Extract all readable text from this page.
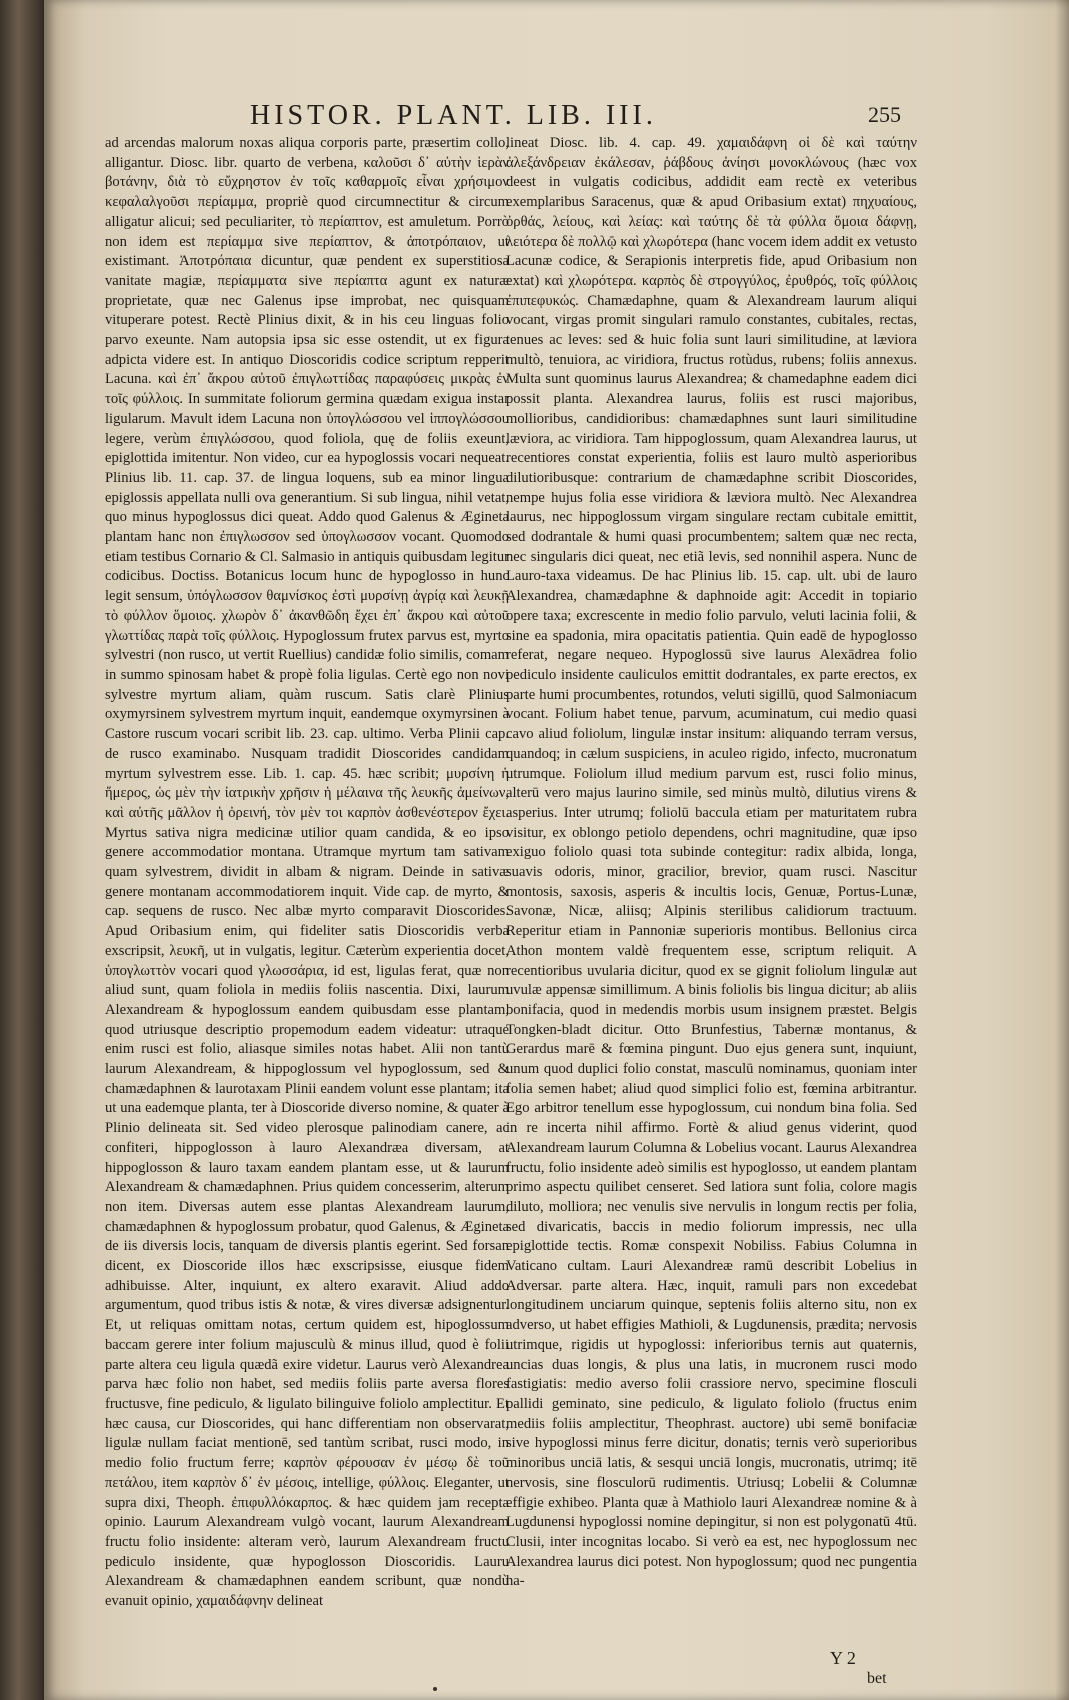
HISTOR. PLANT. LIB. III.	255

ad arcendas malorum noxas aliqua corporis parte, præsertim collo, alligantur. Diosc. libr. quarto de verbena, καλοῦσι δ᾽ αὐτὴν ἱερὰν βοτάνην, διὰ τὸ εὔχρηστον ἐν τοῖς καθαρμοῖς εἶναι χρήσιμον κεφαλαλγοῦσι περίαμμα, propriè quod circumnectitur & circum alligatur alicui; sed peculiariter, τὸ περίαπτον, est amuletum. Porrò non idem est περίαμμα sive περίαπτον, & ἀποτρόπαιον, ut existimant. Ἀποτρόπαια dicuntur, quæ pendent ex superstitiosa vanitate magiæ, περίαμματα sive περίαπτα agunt ex naturæ proprietate, quæ nec Galenus ipse improbat, nec quisquam vituperare potest. Rectè Plinius dixit, & in his ceu linguas folio parvo exeunte. Nam autopsia ipsa sic esse ostendit, ut ex figura adpicta videre est. In antiquo Dioscoridis codice scriptum repperit Lacuna. καὶ ἐπ᾽ ἄκρου αὐτοῦ ἐπιγλωττίδας παραφύσεις μικρὰς ἐν τοῖς φύλλοις. In summitate foliorum germina quædam exigua instar ligularum. Mavult idem Lacuna non ὑπογλώσσου vel ἱππογλώσσου legere, verùm ἐπιγλώσσου, quod foliola, quę de foliis exeunt, epiglottida imitentur. Non video, cur ea hypoglossis vocari nequeat. Plinius lib. 11. cap. 37. de lingua loquens, sub ea minor lingua epiglossis appellata nulli ova generantium. Si sub lingua, nihil vetat, quo minus hypoglossus dici queat. Addo quod Galenus & Ægineta plantam hanc non ἐπιγλωσσον sed ὑπογλωσσον vocant. Quomodo etiam testibus Cornario & Cl. Salmasio in antiquis quibusdam legitur codicibus. Doctiss. Botanicus locum hunc de hypoglosso in hunc legit sensum, ὑπόγλωσσον θαμνίσκος ἐστὶ μυρσίνῃ ἀγρίᾳ καὶ λευκῇ τὸ φύλλον ὅμοιος. χλωρὸν δ᾽ ἀκανθῶδη ἔχει ἐπ᾽ ἄκρου καὶ αὐτοῦ γλωττίδας παρὰ τοῖς φύλλοις. Hypoglossum frutex parvus est, myrto sylvestri (non rusco, ut vertit Ruellius) candidæ folio similis, comam in summo spinosam habet & propè folia ligulas. Certè ego non novi sylvestre myrtum aliam, quàm ruscum. Satis clarè Plinius oxymyrsinem sylvestrem myrtum inquit, eandemque oxymyrsinen à Castore ruscum vocari scribit lib. 23. cap. ultimo. Verba Plinii cap. de rusco examinabo. Nusquam tradidit Dioscorides candidam myrtum sylvestrem esse. Lib. 1. cap. 45. hæc scribit; μυρσίνη ἡ ἥμερος, ὡς μὲν τὴν ἰατρικὴν χρῆσιν ἡ μέλαινα τῆς λευκῆς ἀμείνων, καὶ αὐτῆς μᾶλλον ἡ ὀρεινή, τὸν μὲν τοι καρπὸν ἀσθενέστερον ἔχει. Myrtus sativa nigra medicinæ utilior quam candida, & eo ipso genere accommodatior montana. Utramque myrtum tam sativam quam sylvestrem, dividit in albam & nigram. Deinde in sativæ genere montanam accommodatiorem inquit. Vide cap. de myrto, & cap. sequens de rusco. Nec albæ myrto comparavit Dioscorides. Apud Oribasium enim, qui fideliter satis Dioscoridis verba exscripsit, λευκῆ, ut in vulgatis, legitur. Cæterùm experientia docet, ὑπογλωττὸν vocari quod γλωσσάρια, id est, ligulas ferat, quæ non aliud sunt, quam foliola in mediis foliis nascentia. Dixi, laurum Alexandream & hypoglossum eandem quibusdam esse plantam, quod utriusque descriptio propemodum eadem videatur: utraque enim rusci est folio, aliasque similes notas habet. Alii non tantù laurum Alexandream, & hippoglossum vel hypoglossum, sed & chamædaphnen & laurotaxam Plinii eandem volunt esse plantam; ita ut una eademque planta, ter à Dioscoride diverso nomine, & quater à Plinio delineata sit. Sed video plerosque palinodiam canere, ac confiteri, hippoglosson à lauro Alexandræa diversam, at hippoglosson & lauro taxam eandem plantam esse, ut & laurum Alexandream & chamædaphnen. Prius quidem concesserim, alterum non item. Diversas autem esse plantas Alexandream laurum, chamædaphnen & hypoglossum probatur, quod Galenus, & Ægineta de iis diversis locis, tanquam de diversis plantis egerint. Sed forsan dicent, ex Dioscoride illos hæc exscripsisse, eiusque fidem adhibuisse. Alter, inquiunt, ex altero exaravit. Aliud addo argumentum, quod tribus istis & notæ, & vires diversæ adsignentur. Et, ut reliquas omittam notas, certum quidem est, hipoglossum baccam gerere inter folium majusculù & minus illud, quod è folii parte altera ceu ligula quædã exire videtur. Laurus verò Alexandrea parva hæc folio non habet, sed mediis foliis parte aversa flores fructusve, fine pediculo, & ligulato bilinguive foliolo amplectitur. Et hæc causa, cur Dioscorides, qui hanc differentiam non observarat, ligulæ nullam faciat mentionē, sed tantùm scribat, rusci modo, in medio folio fructum ferre; καρπὸν φέρουσαν ἐν μέσῳ δὲ τοῦ πετάλου, item καρπὸν δ᾽ ἐν μέσοις, intellige, φύλλοις. Eleganter, ut supra dixi, Theoph. ἐπιφυλλόκαρπος. & hæc quidem jam recepta opinio. Laurum Alexandream vulgò vocant, laurum Alexandream fructu folio insidente: alteram verò, laurum Alexandream fructu pediculo insidente, quæ hypoglosson Dioscoridis. Lauru Alexandream & chamædaphnen eandem scribunt, quæ nondù evanuit opinio, χαμαιδάφνην delineat

lineat Diosc. lib. 4. cap. 49. χαμαιδάφνη οἱ δὲ καὶ ταύτην ἀλεξάνδρειαν ἐκάλεσαν, ῥάβδους ἀνίησι μονοκλώνους (hæc vox deest in vulgatis codicibus, addidit eam rectè ex veteribus exemplaribus Saracenus, quæ & apud Oribasium extat) πηχυαίους, ὀρθάς, λείους, καὶ λείας: καὶ ταύτης δὲ τὰ φύλλα ὅμοια δάφνῃ, λειότερα δὲ πολλῷ καὶ χλωρότερα (hanc vocem idem addit ex vetusto Lacunæ codice, & Serapionis interpretis fide, apud Oribasium non extat) καὶ χλωρότερα. καρπὸς δὲ στρογγύλος, ἐρυθρός, τοῖς φύλλοις ἐπιπεφυκώς. Chamædaphne, quam & Alexandream laurum aliqui vocant, virgas promit singulari ramulo constantes, cubitales, rectas, tenues ac leves: sed & huic folia sunt lauri similitudine, at læviora multò, tenuiora, ac viridiora, fructus rotùdus, rubens; foliis annexus. Multa sunt quominus laurus Alexandrea; & chamedaphne eadem dici possit planta. Alexandrea laurus, foliis est rusci majoribus, mollioribus, candidioribus: chamædaphnes sunt lauri similitudine læviora, ac viridiora. Tam hippoglossum, quam Alexandrea laurus, ut recentiores constat experientia, foliis est lauro multò asperioribus dilutioribusque: contrarium de chamædaphne scribit Dioscorides, nempe hujus folia esse viridiora & læviora multò. Nec Alexandrea laurus, nec hippoglossum virgam singulare rectam cubitale emittit, sed dodrantale & humi quasi procumbentem; saltem quæ nec recta, nec singularis dici queat, nec etiã levis, sed nonnihil aspera. Nunc de Lauro-taxa videamus. De hac Plinius lib. 15. cap. ult. ubi de lauro Alexandrea, chamædaphne & daphnoide agit: Accedit in topiario opere taxa; excrescente in medio folio parvulo, veluti lacinia folii, & sine ea spadonia, mira opacitatis patientia. Quin eadē de hypoglosso referat, negare nequeo. Hypoglossū sive laurus Alexādrea folio pediculo insidente cauliculos emittit dodrantales, ex parte erectos, ex parte humi procumbentes, rotundos, veluti sigillū, quod Salmoniacum vocant. Folium habet tenue, parvum, acuminatum, cui medio quasi cavo aliud foliolum, lingulæ instar insitum: aliquando terram versus, quandoq; in cælum suspiciens, in aculeo rigido, infecto, mucronatum utrumque. Foliolum illud medium parvum est, rusci folio minus, alterū vero majus laurino simile, sed minùs multò, dilutius virens & asperius. Inter utrumq; foliolū baccula etiam per maturitatem rubra visitur, ex oblongo petiolo dependens, ochri magnitudine, quæ ipso exiguo foliolo quasi tota subinde contegitur: radix albida, longa, suavis odoris, minor, gracilior, brevior, quam rusci. Nascitur montosis, saxosis, asperis & incultis locis, Genuæ, Portus-Lunæ, Savonæ, Nicæ, aliisq; Alpinis sterilibus calidiorum tractuum. Reperitur etiam in Pannoniæ superioris montibus. Bellonius circa Athon montem valdè frequentem esse, scriptum reliquit. A recentioribus uvularia dicitur, quod ex se gignit foliolum lingulæ aut uvulæ appensæ simillimum. A binis foliolis bis lingua dicitur; ab aliis bonifacia, quod in medendis morbis usum insignem præstet. Belgis Tongken-bladt dicitur. Otto Brunfestius, Tabernæ montanus, & Gerardus marē & fœmina pingunt. Duo ejus genera sunt, inquiunt, unum quod duplici folio constat, masculū nominamus, quoniam inter folia semen habet; aliud quod simplici folio est, fœmina arbitrantur. Ego arbitror tenellum esse hypoglossum, cui nondum bina folia. Sed in re incerta nihil affirmo. Fortè & aliud genus viderint, quod Alexandream laurum Columna & Lobelius vocant. Laurus Alexandrea fructu, folio insidente adeò similis est hypoglosso, ut eandem plantam primo aspectu quilibet censeret. Sed latiora sunt folia, colore magis diluto, molliora; nec venulis sive nervulis in longum rectis per folia, sed divaricatis, baccis in medio foliorum impressis, nec ulla epiglottide tectis. Romæ conspexit Nobiliss. Fabius Columna in Vaticano cultam. Lauri Alexandreæ ramū describit Lobelius in Adversar. parte altera. Hæc, inquit, ramuli pars non excedebat longitudinem unciarum quinque, septenis foliis alterno situ, non ex adverso, ut habet effigies Mathioli, & Lugdunensis, prædita; nervosis utrimque, rigidis ut hypoglossi: inferioribus ternis aut quaternis, uncias duas longis, & plus una latis, in mucronem rusci modo fastigiatis: medio averso folii crassiore nervo, specimine flosculi pallidi geminato, sine pediculo, & ligulato foliolo (fructus enim mediis foliis amplectitur, Theophrast. auctore) ubi semē bonifaciæ sive hypoglossi minus ferre dicitur, donatis; ternis verò superioribus minoribus unciā latis, & sesqui unciā longis, mucronatis, utrimq; itē nervosis, sine flosculorū rudimentis. Utriusq; Lobelii & Columnæ effigie exhibeo. Planta quæ à Mathiolo lauri Alexandreæ nomine & à Lugdunensi hypoglossi nomine depingitur, si non est polygonatū 4tū. Clusii, inter incognitas locabo. Si verò ea est, nec hypoglossum nec Alexandrea laurus dici potest. Non hypoglossum; quod nec pungentia ha-

Y 2
bet
